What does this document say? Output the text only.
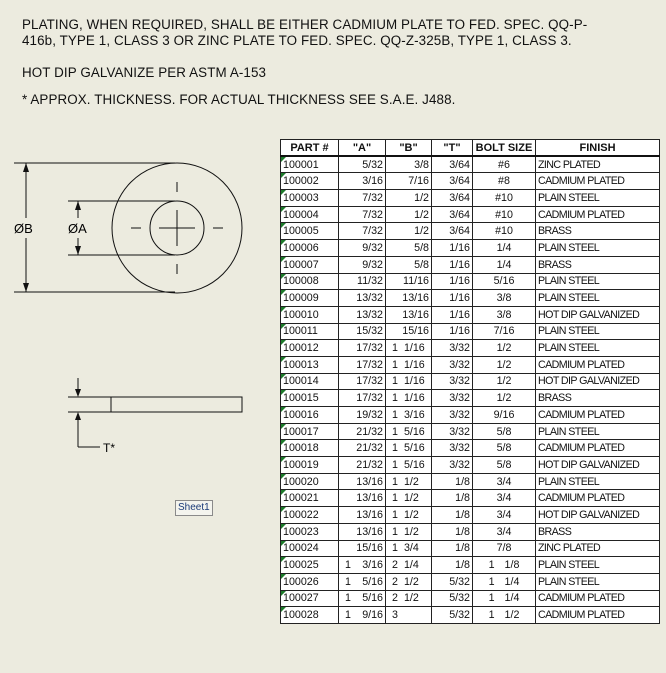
PLATING, WHEN REQUIRED, SHALL BE EITHER CADMIUM PLATE TO FED. SPEC. QQ-P-
416b, TYPE 1, CLASS 3 OR ZINC PLATE TO FED. SPEC. QQ-Z-325B, TYPE 1, CLASS 3.
HOT DIP GALVANIZE PER ASTM A-153
* APPROX. THICKNESS. FOR ACTUAL THICKNESS SEE S.A.E. J488.
ØB	ØA
T*
Sheet1
PART #	"A"	"B"	"T"	BOLT SIZE	FINISH
100001	5/32	3/8	3/64	#6	ZINC PLATED
100002	3/16	7/16	3/64	#8	CADMIUM PLATED
100003	7/32	1/2	3/64	#10	PLAIN STEEL
100004	7/32	1/2	3/64	#10	CADMIUM PLATED
100005	7/32	1/2	3/64	#10	BRASS
100006	9/32	5/8	1/16	1/4	PLAIN STEEL
100007	9/32	5/8	1/16	1/4	BRASS
100008	11/32	11/16	1/16	5/16	PLAIN STEEL
100009	13/32	13/16	1/16	3/8	PLAIN STEEL
100010	13/32	13/16	1/16	3/8	HOT DIP GALVANIZED
100011	15/32	15/16	1/16	7/16	PLAIN STEEL
100012	17/32	1 1/16	3/32	1/2	PLAIN STEEL
100013	17/32	1 1/16	3/32	1/2	CADMIUM PLATED
100014	17/32	1 1/16	3/32	1/2	HOT DIP GALVANIZED
100015	17/32	1 1/16	3/32	1/2	BRASS
100016	19/32	1 3/16	3/32	9/16	CADMIUM PLATED
100017	21/32	1 5/16	3/32	5/8	PLAIN STEEL
100018	21/32	1 5/16	3/32	5/8	CADMIUM PLATED
100019	21/32	1 5/16	3/32	5/8	HOT DIP GALVANIZED
100020	13/16	1 1/2	1/8	3/4	PLAIN STEEL
100021	13/16	1 1/2	1/8	3/4	CADMIUM PLATED
100022	13/16	1 1/2	1/8	3/4	HOT DIP GALVANIZED
100023	13/16	1 1/2	1/8	3/4	BRASS
100024	15/16	1 3/4	1/8	7/8	ZINC PLATED
100025	1 3/16	2 1/4	1/8	1 1/8	PLAIN STEEL
100026	1 5/16	2 1/2	5/32	1 1/4	PLAIN STEEL
100027	1 5/16	2 1/2	5/32	1 1/4	CADMIUM PLATED
100028	1 9/16	3	5/32	1 1/2	CADMIUM PLATED
